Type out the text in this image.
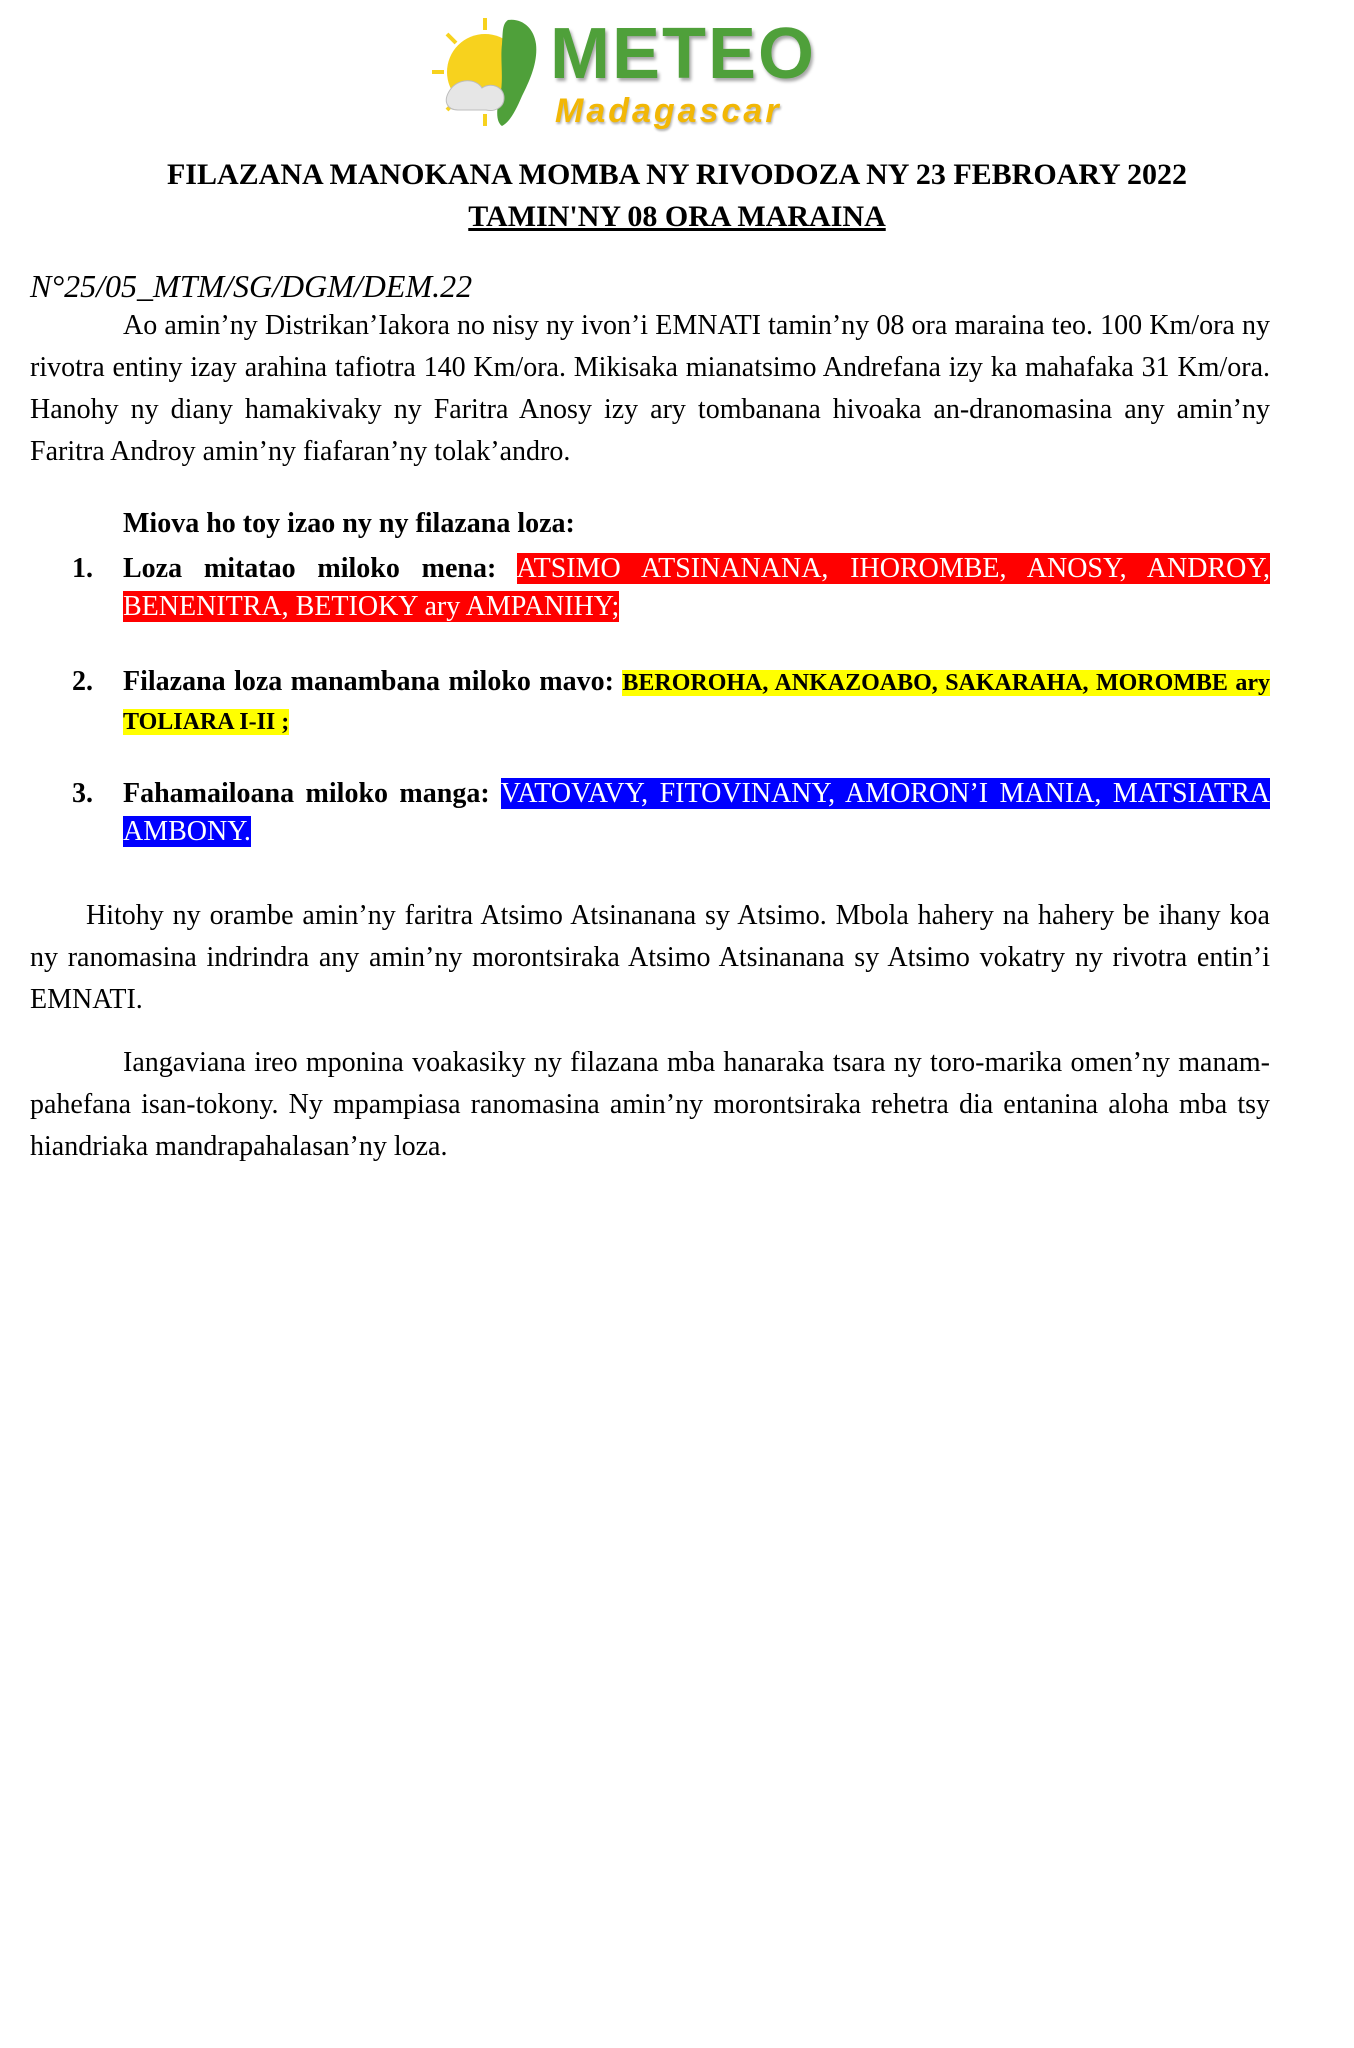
METEO
Madagascar
FILAZANA MANOKANA MOMBA NY RIVODOZA NY 23 FEBROARY 2022
TAMIN'NY 08 ORA MARAINA
N°25/05_MTM/SG/DGM/DEM.22
Ao amin’ny Distrikan’Iakora no nisy ny ivon’i EMNATI tamin’ny 08 ora maraina teo. 100 Km/ora ny rivotra entiny izay arahina tafiotra 140 Km/ora. Mikisaka mianatsimo Andrefana izy ka mahafaka 31 Km/ora. Hanohy ny diany hamakivaky ny Faritra Anosy izy ary tombanana hivoaka an-dranomasina any amin’ny Faritra Androy amin’ny fiafaran’ny tolak’andro.
Miova ho toy izao ny ny filazana loza:
1. Loza mitatao miloko mena: ATSIMO ATSINANANA, IHOROMBE, ANOSY, ANDROY, BENENITRA, BETIOKY ary AMPANIHY;
2. Filazana loza manambana miloko mavo: BEROROHA, ANKAZOABO, SAKARAHA, MOROMBE ary TOLIARA I-II ;
3. Fahamailoana miloko manga: VATOVAVY, FITOVINANY, AMORON’I MANIA, MATSIATRA AMBONY.
Hitohy ny orambe amin’ny faritra Atsimo Atsinanana sy Atsimo. Mbola hahery na hahery be ihany koa ny ranomasina indrindra any amin’ny morontsiraka Atsimo Atsinanana sy Atsimo vokatry ny rivotra entin’i EMNATI.
Iangaviana ireo mponina voakasiky ny filazana mba hanaraka tsara ny toro-marika omen’ny manam-pahefana isan-tokony. Ny mpampiasa ranomasina amin’ny morontsiraka rehetra dia entanina aloha mba tsy hiandriaka mandrapahalasan’ny loza.
